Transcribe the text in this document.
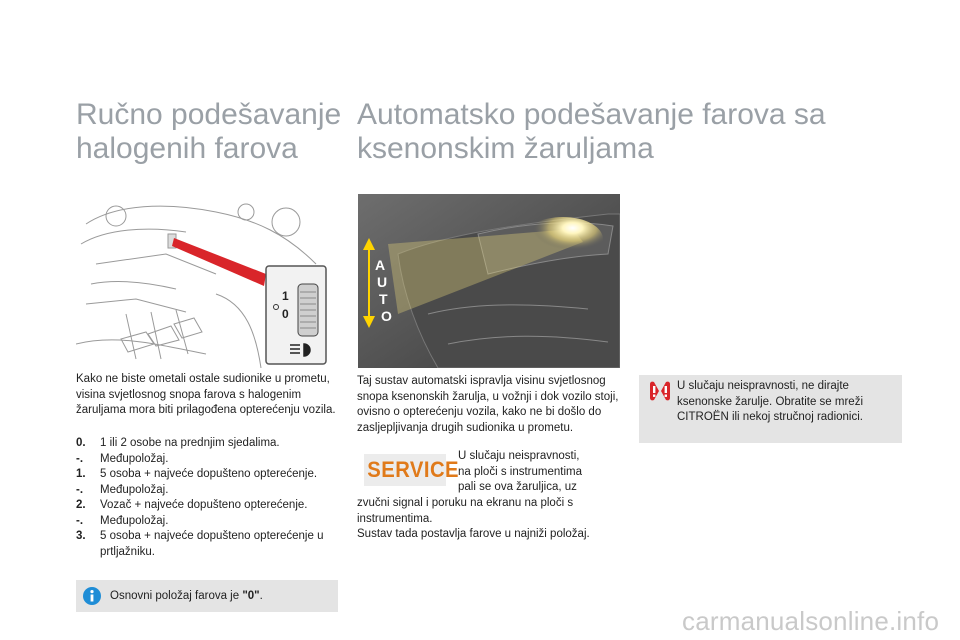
Ručno podešavanje
halogenih farova
1
0
Kako ne biste ometali ostale sudionike u prometu, visina svjetlosnog snopa farova s halogenim žaruljama mora biti prilagođena opterećenju vozila.
0.	1 ili 2 osobe na prednjim sjedalima.
-.	Međupoložaj.
1.	5 osoba + najveće dopušteno opterećenje.
-.	Međupoložaj.
2.	Vozač + najveće dopušteno opterećenje.
-.	Međupoložaj.
3.	5 osoba + najveće dopušteno opterećenje u prtljažniku.
Osnovni položaj farova je "0".
Automatsko podešavanje farova sa
ksenonskim žaruljama
A
U
T
O
Taj sustav automatski ispravlja visinu svjetlosnog snopa ksenonskih žarulja, u vožnji i dok vozilo stoji, ovisno o opterećenju vozila, kako ne bi došlo do zasljepljivanja drugih sudionika u prometu.
SERVICE
U slučaju neispravnosti,
na ploči s instrumentima
pali se ova žaruljica, uz
zvučni signal i poruku na ekranu na ploči s instrumentima.
Sustav tada postavlja farove u najniži položaj.
U slučaju neispravnosti, ne dirajte ksenonske žarulje. Obratite se mreži CITROËN ili nekoj stručnoj radionici.
carmanualsonline.info
